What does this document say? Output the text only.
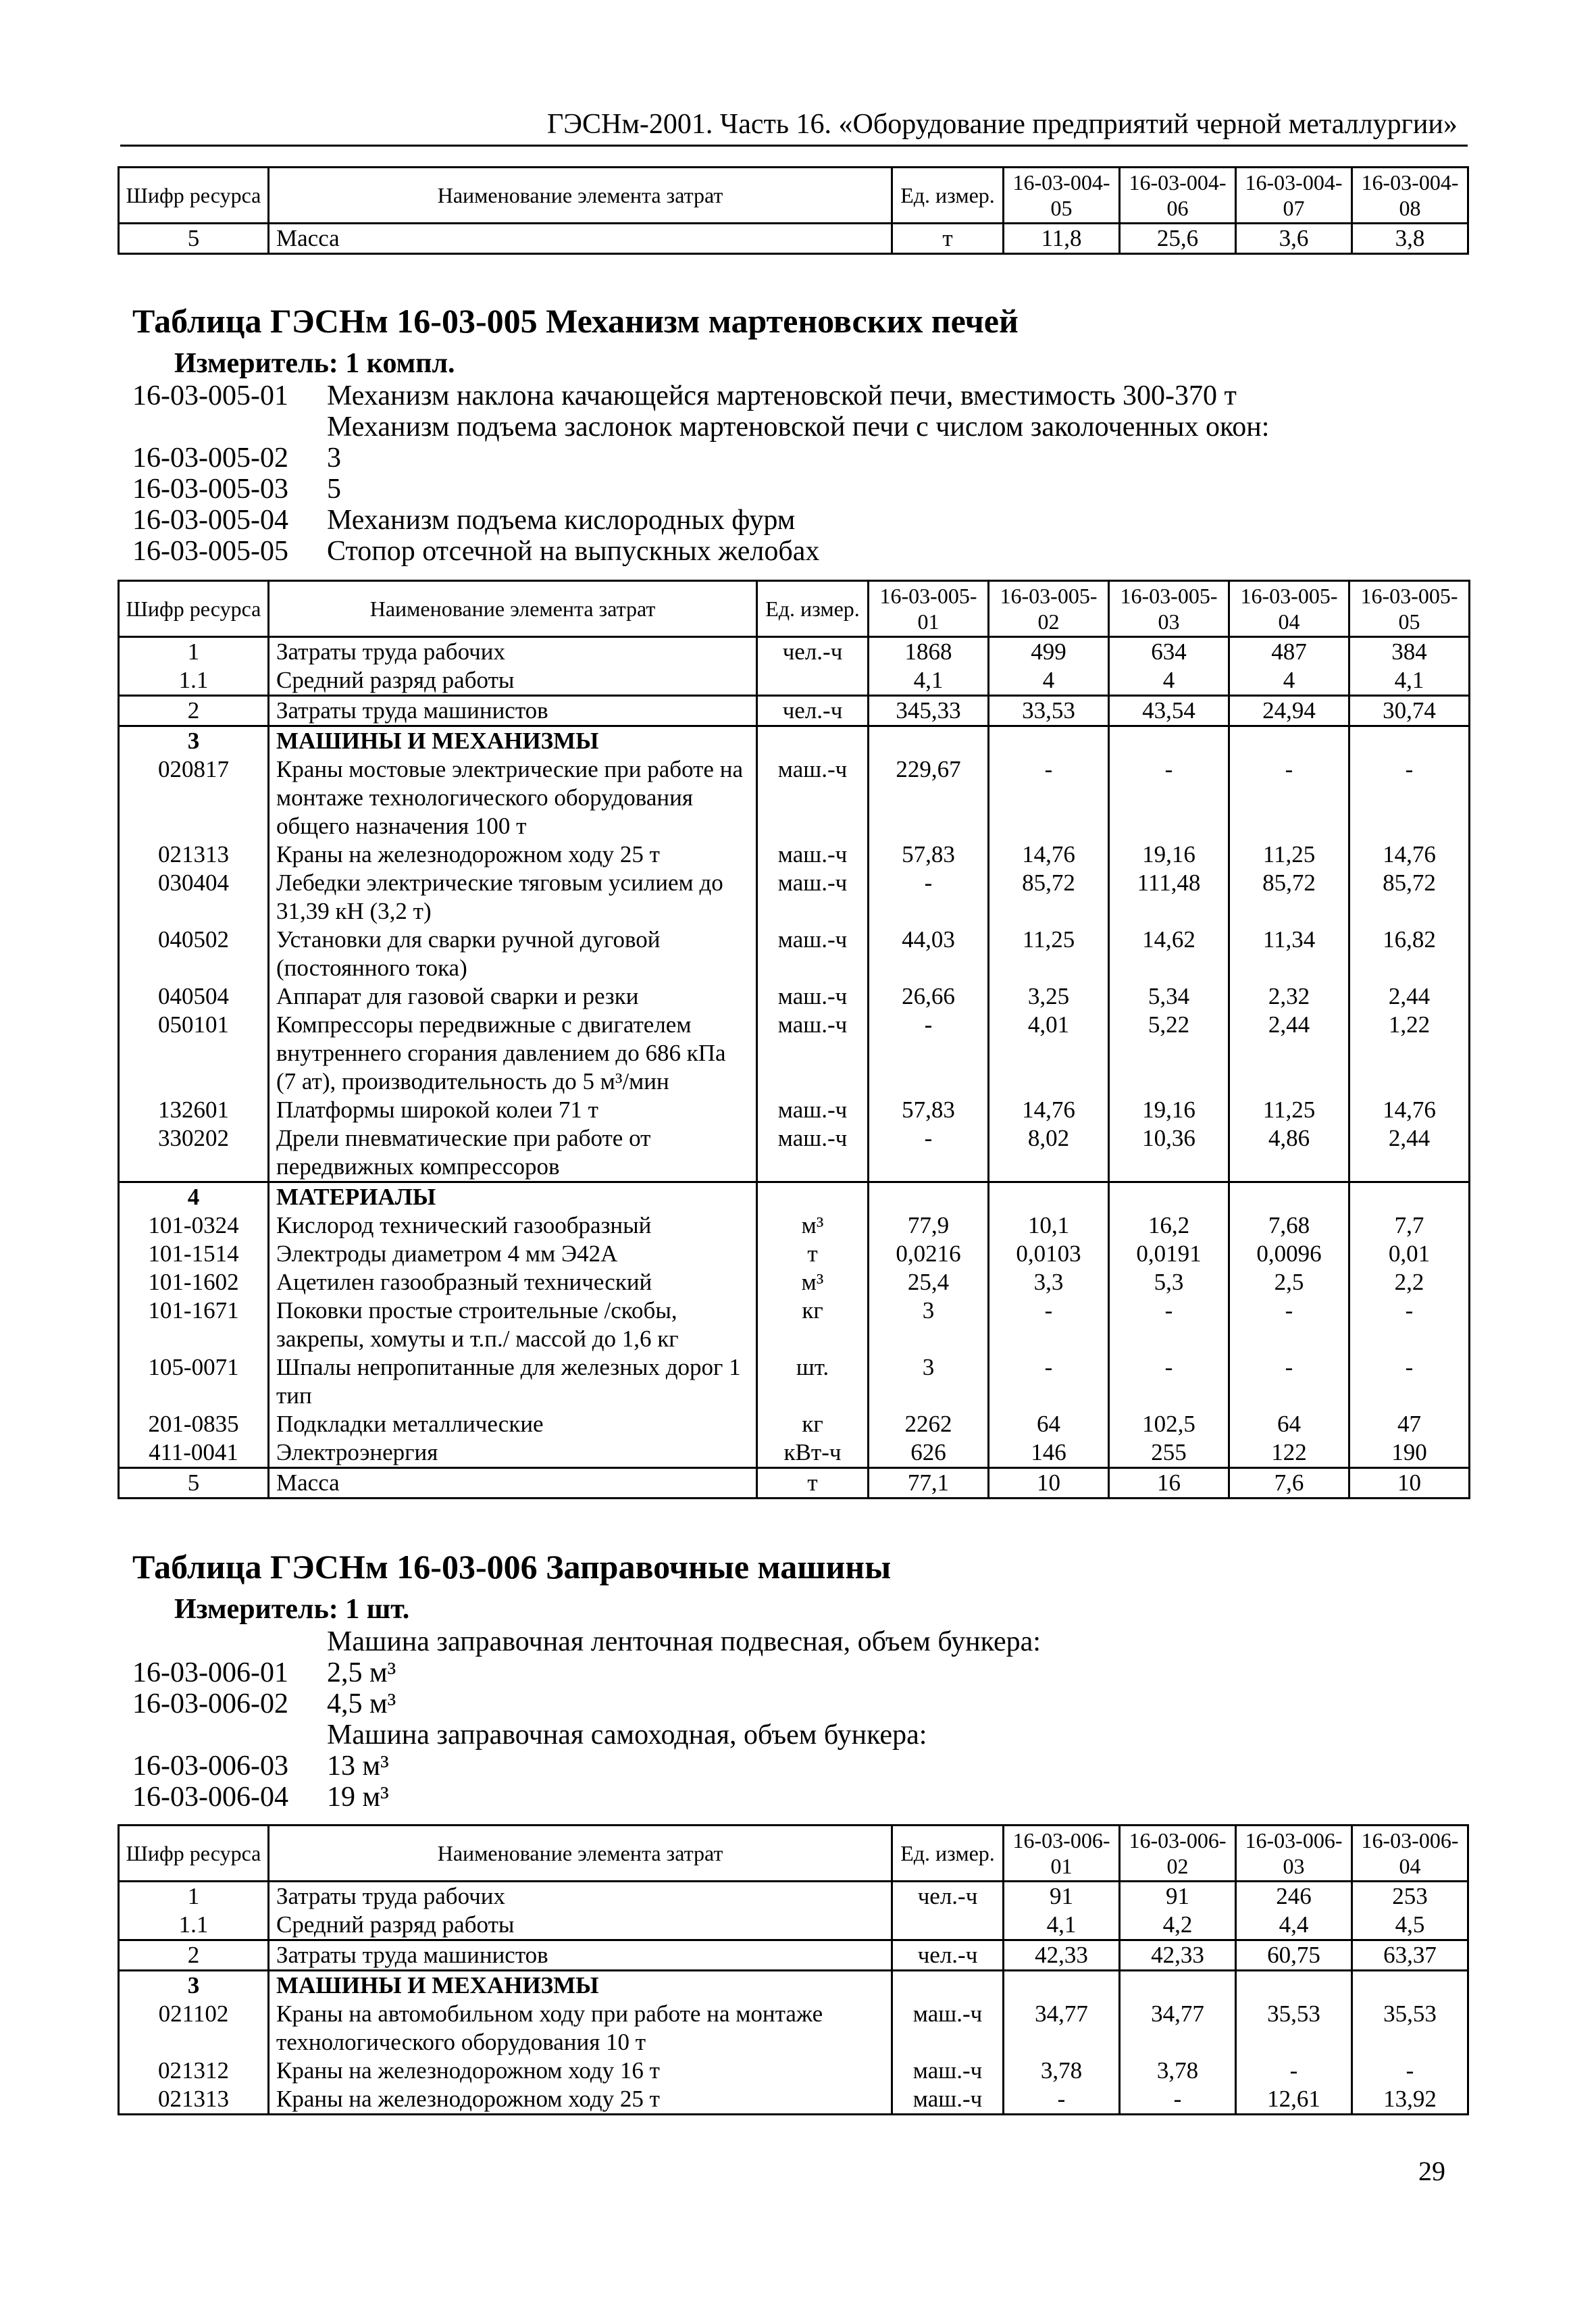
ГЭСНм-2001. Часть 16. «Оборудование предприятий черной металлургии»
Шифр ресурса	Наименование элемента затрат	Ед. измер.	16-03-004-05	16-03-004-06	16-03-004-07	16-03-004-08
5	Масса	т	11,8	25,6	3,6	3,8
Таблица ГЭСНм 16-03-005 Механизм мартеновских печей
Измеритель: 1 компл.
16-03-005-01 Механизм наклона качающейся мартеновской печи, вместимость 300-370 т
Механизм подъема заслонок мартеновской печи с числом заколоченных окон:
16-03-005-02 3
16-03-005-03 5
16-03-005-04 Механизм подъема кислородных фурм
16-03-005-05 Стопор отсечной на выпускных желобах
Шифр ресурса	Наименование элемента затрат	Ед. измер.	16-03-005-01	16-03-005-02	16-03-005-03	16-03-005-04	16-03-005-05
1	Затраты труда рабочих	чел.-ч	1868	499	634	487	384
1.1	Средний разряд работы		4,1	4	4	4	4,1
2	Затраты труда машинистов	чел.-ч	345,33	33,53	43,54	24,94	30,74
3	МАШИНЫ И МЕХАНИЗМЫ						
020817	Краны мостовые электрические при работе на монтаже технологического оборудования общего назначения 100 т	маш.-ч	229,67	-	-	-	-
021313	Краны на железнодорожном ходу 25 т	маш.-ч	57,83	14,76	19,16	11,25	14,76
030404	Лебедки электрические тяговым усилием до 31,39 кН (3,2 т)	маш.-ч	-	85,72	111,48	85,72	85,72
040502	Установки для сварки ручной дуговой (постоянного тока)	маш.-ч	44,03	11,25	14,62	11,34	16,82
040504	Аппарат для газовой сварки и резки	маш.-ч	26,66	3,25	5,34	2,32	2,44
050101	Компрессоры передвижные с двигателем внутреннего сгорания давлением до 686 кПа (7 ат), производительность до 5 м³/мин	маш.-ч	-	4,01	5,22	2,44	1,22
132601	Платформы широкой колеи 71 т	маш.-ч	57,83	14,76	19,16	11,25	14,76
330202	Дрели пневматические при работе от передвижных компрессоров	маш.-ч	-	8,02	10,36	4,86	2,44
4	МАТЕРИАЛЫ						
101-0324	Кислород технический газообразный	м³	77,9	10,1	16,2	7,68	7,7
101-1514	Электроды диаметром 4 мм Э42А	т	0,0216	0,0103	0,0191	0,0096	0,01
101-1602	Ацетилен газообразный технический	м³	25,4	3,3	5,3	2,5	2,2
101-1671	Поковки простые строительные /скобы, закрепы, хомуты и т.п./ массой до 1,6 кг	кг	3	-	-	-	-
105-0071	Шпалы непропитанные для железных дорог 1 тип	шт.	3	-	-	-	-
201-0835	Подкладки металлические	кг	2262	64	102,5	64	47
411-0041	Электроэнергия	кВт-ч	626	146	255	122	190
5	Масса	т	77,1	10	16	7,6	10
Таблица ГЭСНм 16-03-006 Заправочные машины
Измеритель: 1 шт.
Машина заправочная ленточная подвесная, объем бункера:
16-03-006-01 2,5 м³
16-03-006-02 4,5 м³
Машина заправочная самоходная, объем бункера:
16-03-006-03 13 м³
16-03-006-04 19 м³
Шифр ресурса	Наименование элемента затрат	Ед. измер.	16-03-006-01	16-03-006-02	16-03-006-03	16-03-006-04
1	Затраты труда рабочих	чел.-ч	91	91	246	253
1.1	Средний разряд работы		4,1	4,2	4,4	4,5
2	Затраты труда машинистов	чел.-ч	42,33	42,33	60,75	63,37
3	МАШИНЫ И МЕХАНИЗМЫ					
021102	Краны на автомобильном ходу при работе на монтаже технологического оборудования 10 т	маш.-ч	34,77	34,77	35,53	35,53
021312	Краны на железнодорожном ходу 16 т	маш.-ч	3,78	3,78	-	-
021313	Краны на железнодорожном ходу 25 т	маш.-ч	-	-	12,61	13,92
29
